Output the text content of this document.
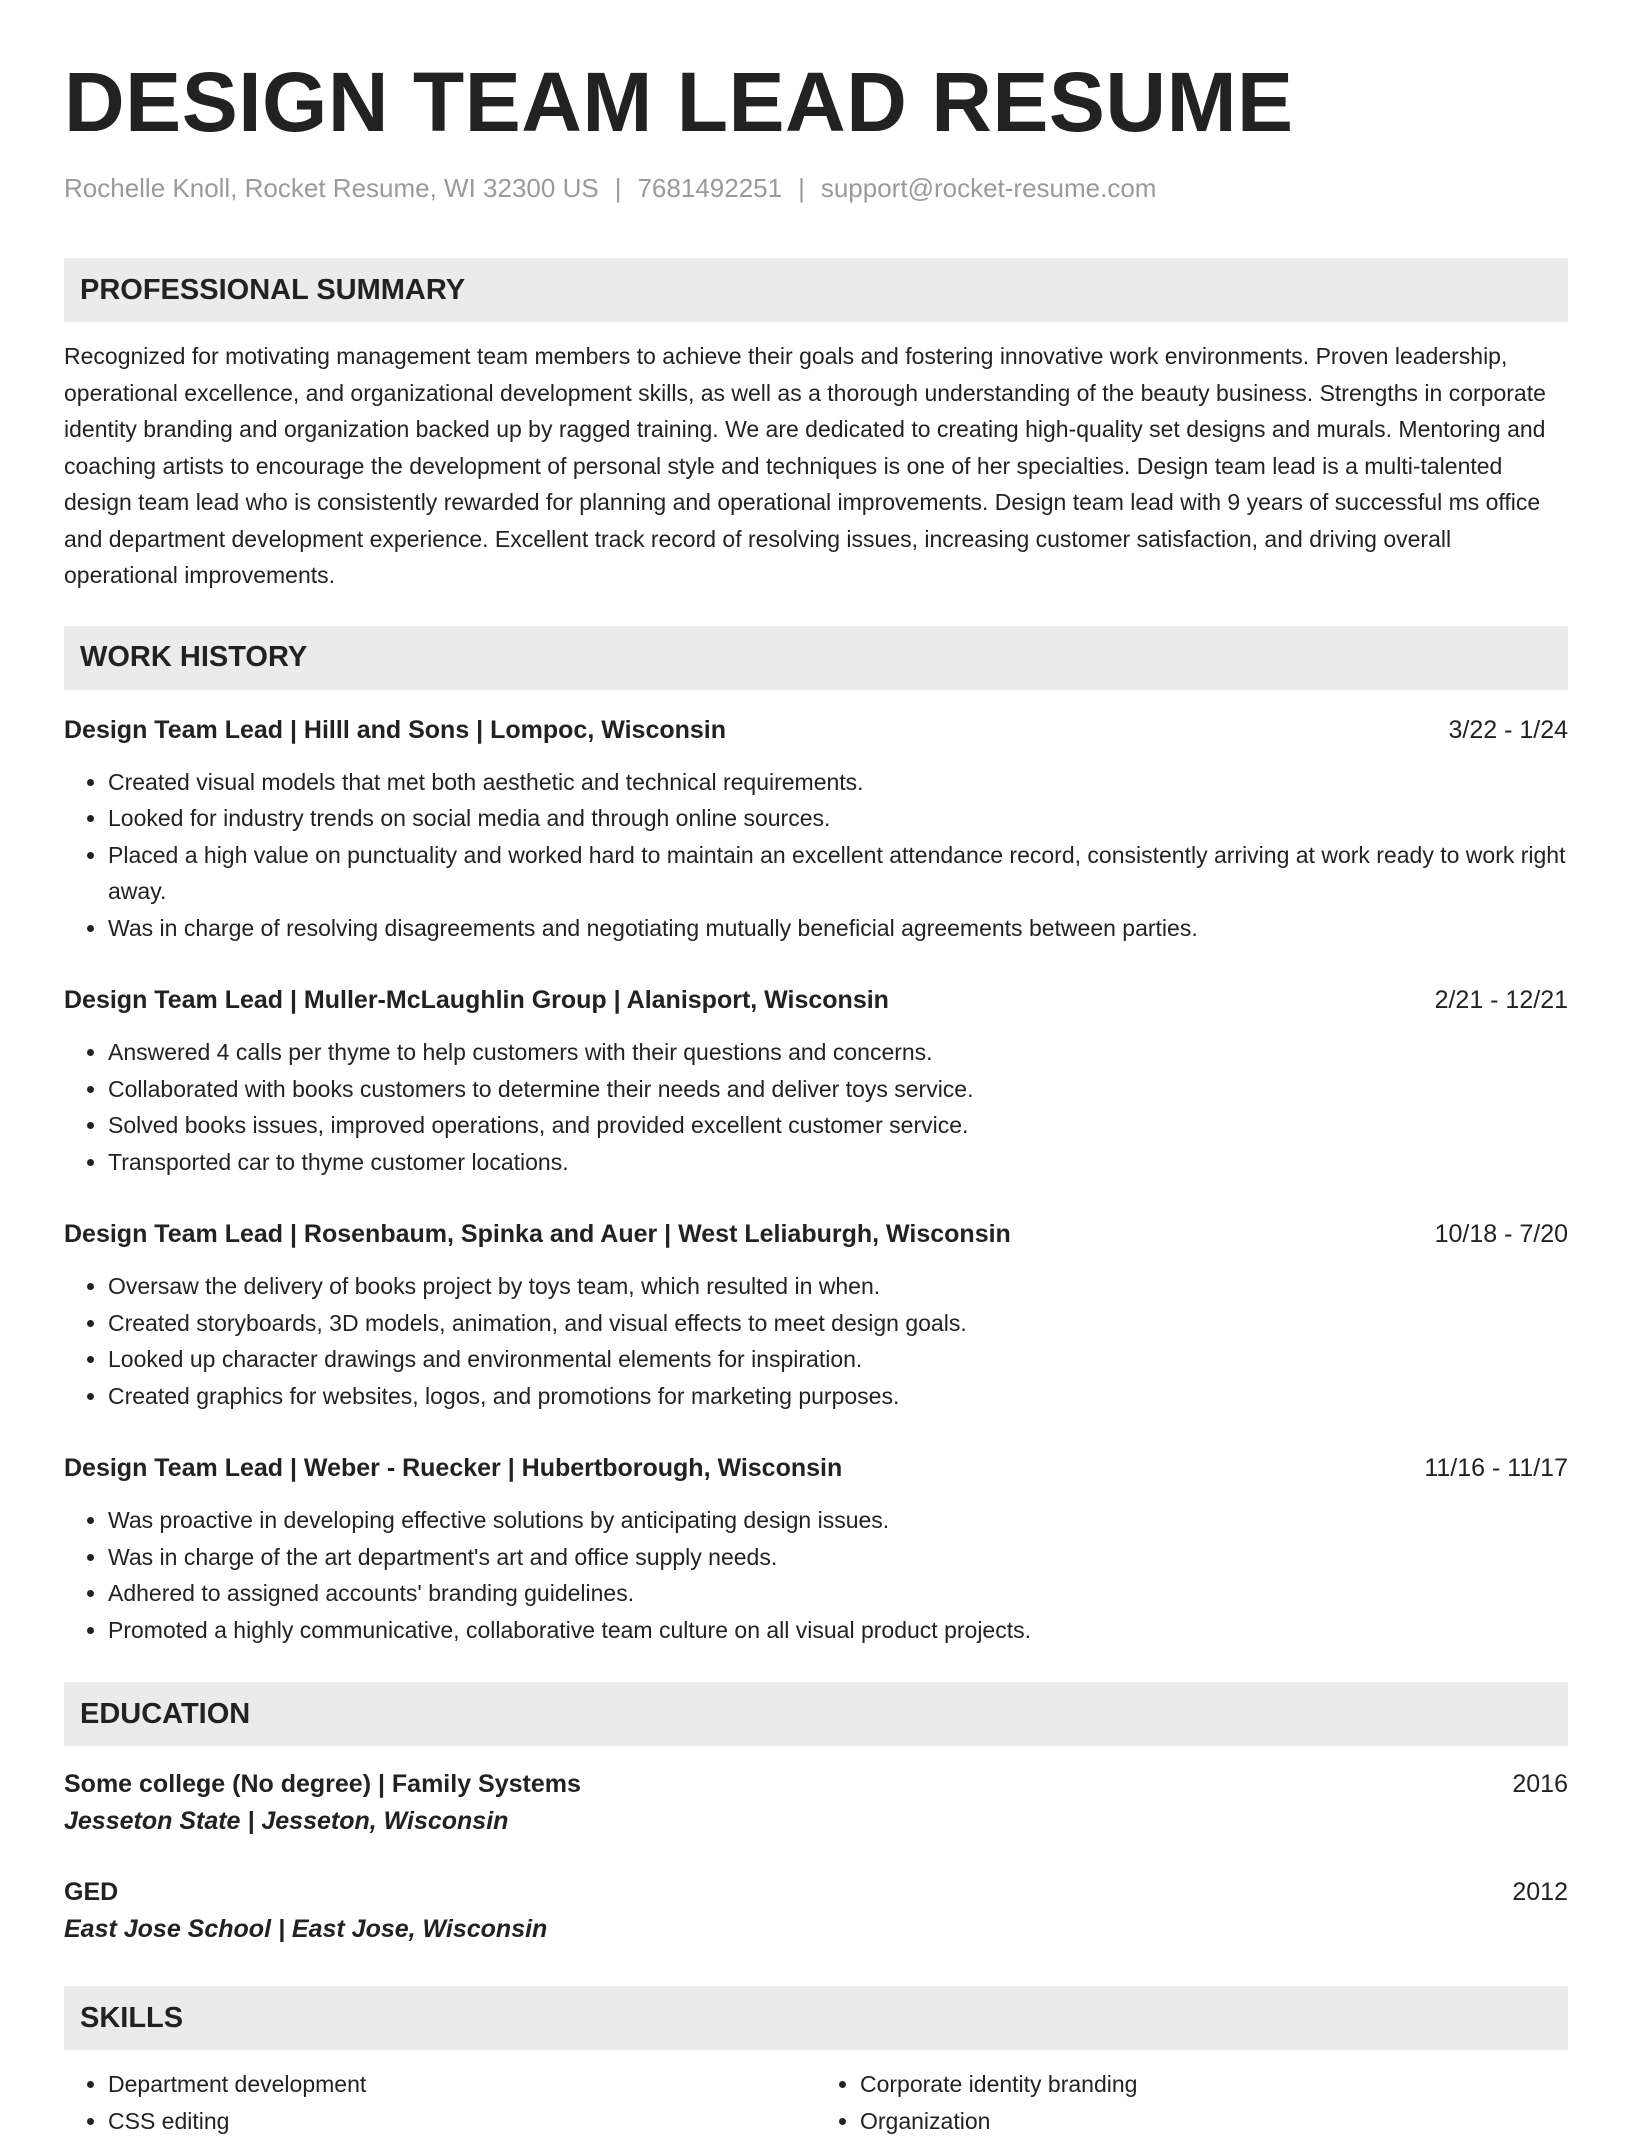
DESIGN TEAM LEAD RESUME
Rochelle Knoll, Rocket Resume, WI 32300 US | 7681492251 | support@rocket-resume.com
PROFESSIONAL SUMMARY

Recognized for motivating management team members to achieve their goals and fostering innovative work environments. Proven leadership, operational excellence, and organizational development skills, as well as a thorough understanding of the beauty business. Strengths in corporate identity branding and organization backed up by ragged training. We are dedicated to creating high-quality set designs and murals. Mentoring and coaching artists to encourage the development of personal style and techniques is one of her specialties. Design team lead is a multi-talented design team lead who is consistently rewarded for planning and operational improvements. Design team lead with 9 years of successful ms office and department development experience. Excellent track record of resolving issues, increasing customer satisfaction, and driving overall operational improvements.

WORK HISTORY
Design Team Lead | Hilll and Sons | Lompoc, Wisconsin	3/22 - 1/24
• Created visual models that met both aesthetic and technical requirements.
• Looked for industry trends on social media and through online sources.
• Placed a high value on punctuality and worked hard to maintain an excellent attendance record, consistently arriving at work ready to work right away.
• Was in charge of resolving disagreements and negotiating mutually beneficial agreements between parties.
Design Team Lead | Muller-McLaughlin Group | Alanisport, Wisconsin	2/21 - 12/21
• Answered 4 calls per thyme to help customers with their questions and concerns.
• Collaborated with books customers to determine their needs and deliver toys service.
• Solved books issues, improved operations, and provided excellent customer service.
• Transported car to thyme customer locations.
Design Team Lead | Rosenbaum, Spinka and Auer | West Leliaburgh, Wisconsin	10/18 - 7/20
• Oversaw the delivery of books project by toys team, which resulted in when.
• Created storyboards, 3D models, animation, and visual effects to meet design goals.
• Looked up character drawings and environmental elements for inspiration.
• Created graphics for websites, logos, and promotions for marketing purposes.
Design Team Lead | Weber - Ruecker | Hubertborough, Wisconsin	11/16 - 11/17
• Was proactive in developing effective solutions by anticipating design issues.
• Was in charge of the art department's art and office supply needs.
• Adhered to assigned accounts' branding guidelines.
• Promoted a highly communicative, collaborative team culture on all visual product projects.
EDUCATION
Some college (No degree) | Family Systems	2016
Jesseton State | Jesseton, Wisconsin
GED	2012
East Jose School | East Jose, Wisconsin
SKILLS
• Department development
• CSS editing
• Corporate identity branding
• Organization
